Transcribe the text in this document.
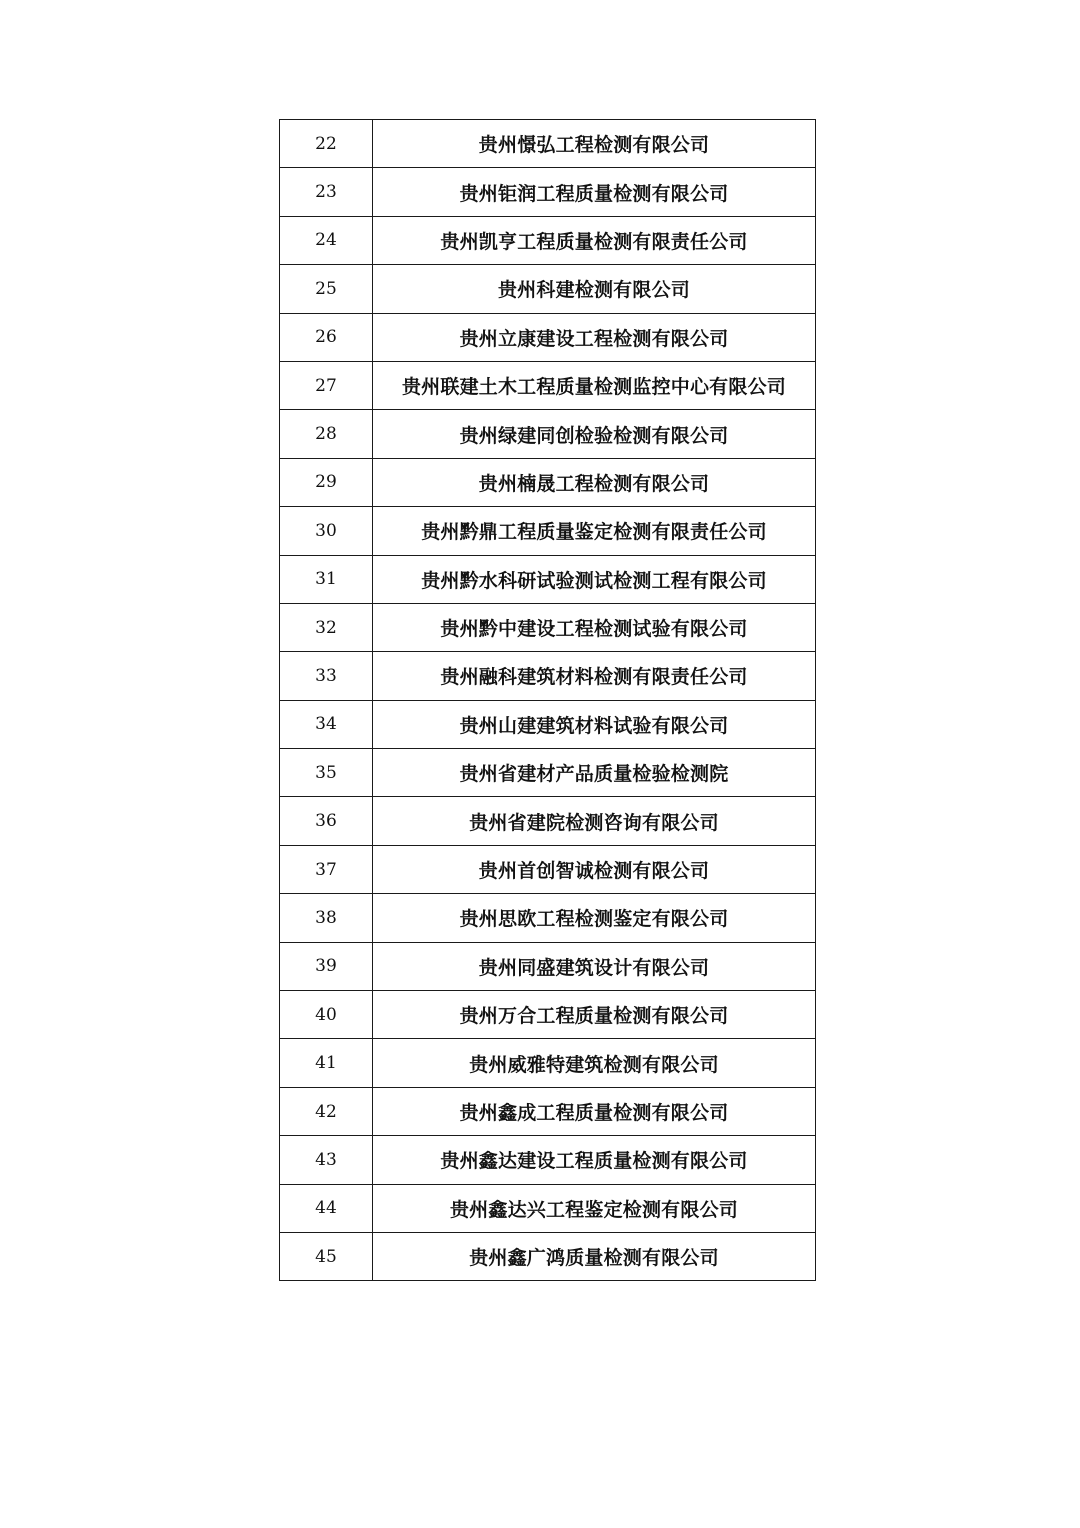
22	贵州憬弘工程检测有限公司
23	贵州钜润工程质量检测有限公司
24	贵州凯亨工程质量检测有限责任公司
25	贵州科建检测有限公司
26	贵州立康建设工程检测有限公司
27	贵州联建土木工程质量检测监控中心有限公司
28	贵州绿建同创检验检测有限公司
29	贵州楠晟工程检测有限公司
30	贵州黔鼎工程质量鉴定检测有限责任公司
31	贵州黔水科研试验测试检测工程有限公司
32	贵州黔中建设工程检测试验有限公司
33	贵州融科建筑材料检测有限责任公司
34	贵州山建建筑材料试验有限公司
35	贵州省建材产品质量检验检测院
36	贵州省建院检测咨询有限公司
37	贵州首创智诚检测有限公司
38	贵州思欧工程检测鉴定有限公司
39	贵州同盛建筑设计有限公司
40	贵州万合工程质量检测有限公司
41	贵州威雅特建筑检测有限公司
42	贵州鑫成工程质量检测有限公司
43	贵州鑫达建设工程质量检测有限公司
44	贵州鑫达兴工程鉴定检测有限公司
45	贵州鑫广鸿质量检测有限公司
